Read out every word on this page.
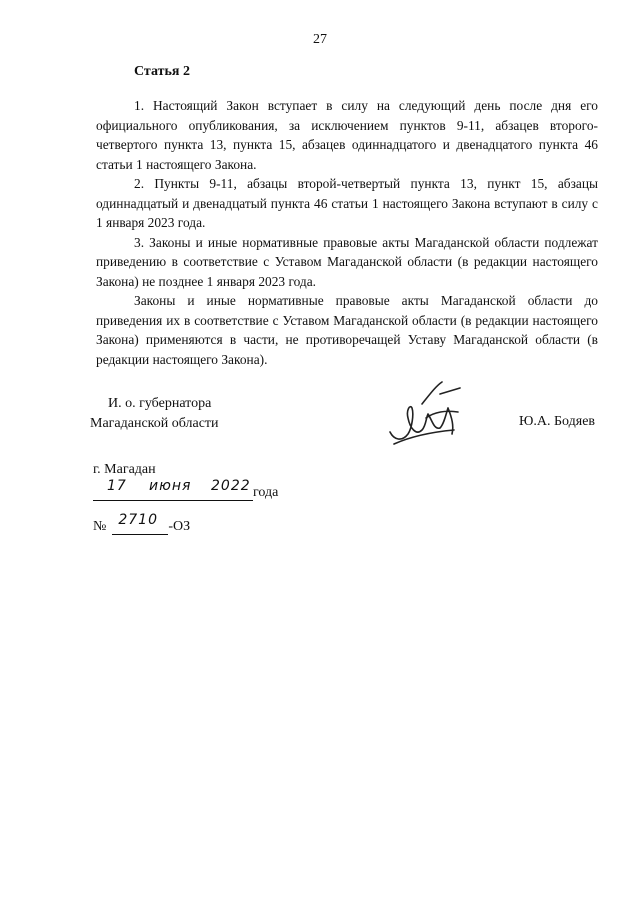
27
Статья 2

1. Настоящий Закон вступает в силу на следующий день после дня его официального опубликования, за исключением пунктов 9-11, абзацев второго-четвертого пункта 13, пункта 15, абзацев одиннадцатого и двенадцатого пункта 46 статьи 1 настоящего Закона.

2. Пункты 9-11, абзацы второй-четвертый пункта 13, пункт 15, абзацы одиннадцатый и двенадцатый пункта 46 статьи 1 настоящего Закона вступают в силу с 1 января 2023 года.

3. Законы и иные нормативные правовые акты Магаданской области подлежат приведению в соответствие с Уставом Магаданской области (в редакции настоящего Закона) не позднее 1 января 2023 года.

Законы и иные нормативные правовые акты Магаданской области до приведения их в соответствие с Уставом Магаданской области (в редакции настоящего Закона) применяются в части, не противоречащей Уставу Магаданской области (в редакции настоящего Закона).

И. о. губернатора
Магаданской области	Ю.А. Бодяев
г. Магадан
17 июня 2022 года
№ 2710 -ОЗ
